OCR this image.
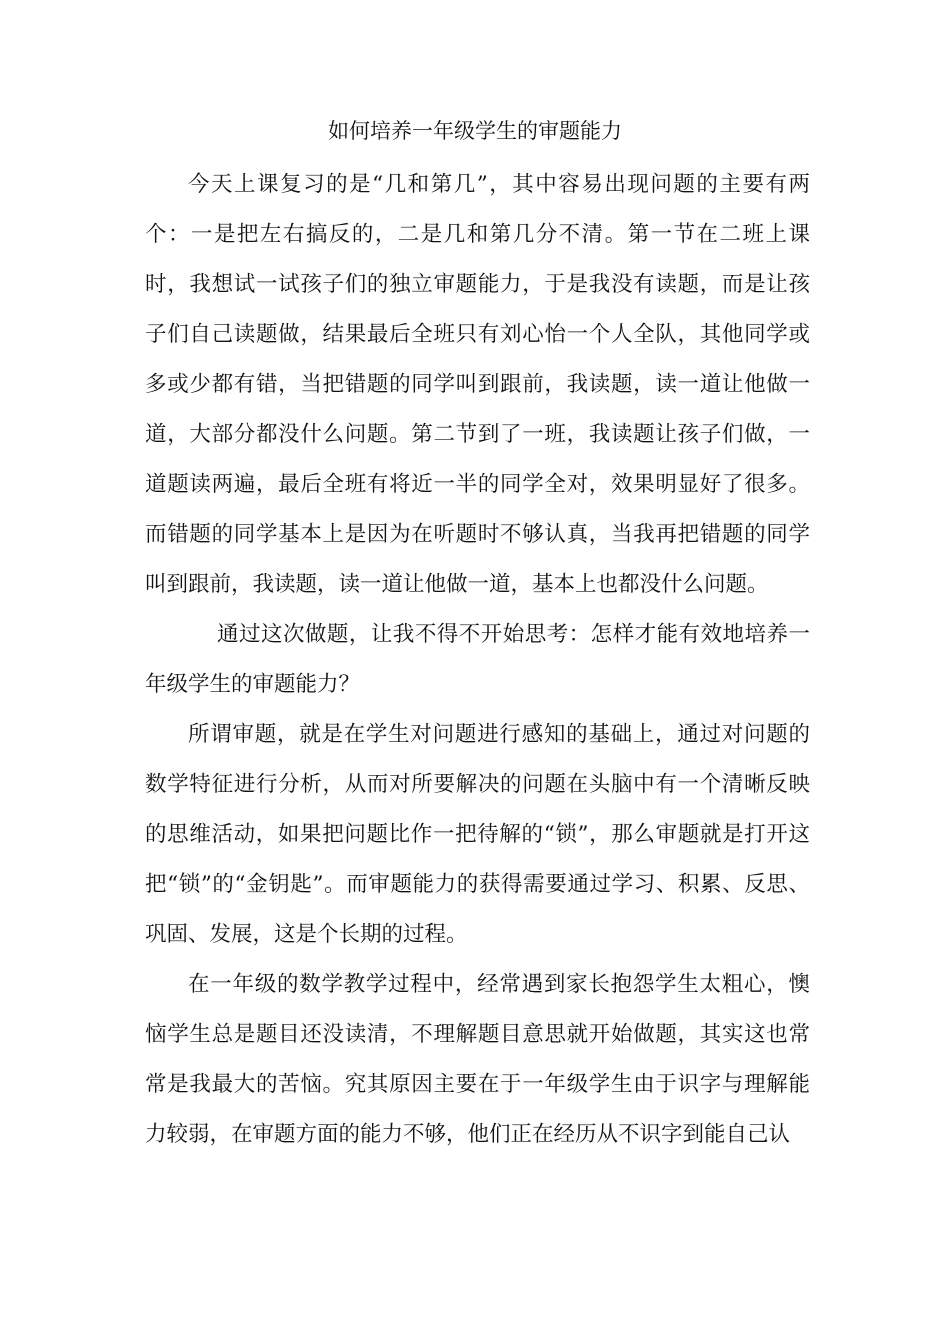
如何培养一年级学生的审题能力

今天上课复习的是“几和第几”，其中容易出现问题的主要有两个：一是把左右搞反的，二是几和第几分不清。第一节在二班上课时，我想试一试孩子们的独立审题能力，于是我没有读题，而是让孩子们自己读题做，结果最后全班只有刘心怡一个人全队，其他同学或多或少都有错，当把错题的同学叫到跟前，我读题，读一道让他做一道，大部分都没什么问题。第二节到了一班，我读题让孩子们做，一道题读两遍，最后全班有将近一半的同学全对，效果明显好了很多。而错题的同学基本上是因为在听题时不够认真，当我再把错题的同学叫到跟前，我读题，读一道让他做一道，基本上也都没什么问题。

通过这次做题，让我不得不开始思考：怎样才能有效地培养一年级学生的审题能力？

所谓审题，就是在学生对问题进行感知的基础上，通过对问题的数学特征进行分析，从而对所要解决的问题在头脑中有一个清晰反映的思维活动，如果把问题比作一把待解的“锁”，那么审题就是打开这把“锁”的“金钥匙”。而审题能力的获得需要通过学习、积累、反思、巩固、发展，这是个长期的过程。

在一年级的数学教学过程中，经常遇到家长抱怨学生太粗心，懊恼学生总是题目还没读清，不理解题目意思就开始做题，其实这也常常是我最大的苦恼。究其原因主要在于一年级学生由于识字与理解能力较弱，在审题方面的能力不够，他们正在经历从不识字到能自己认
